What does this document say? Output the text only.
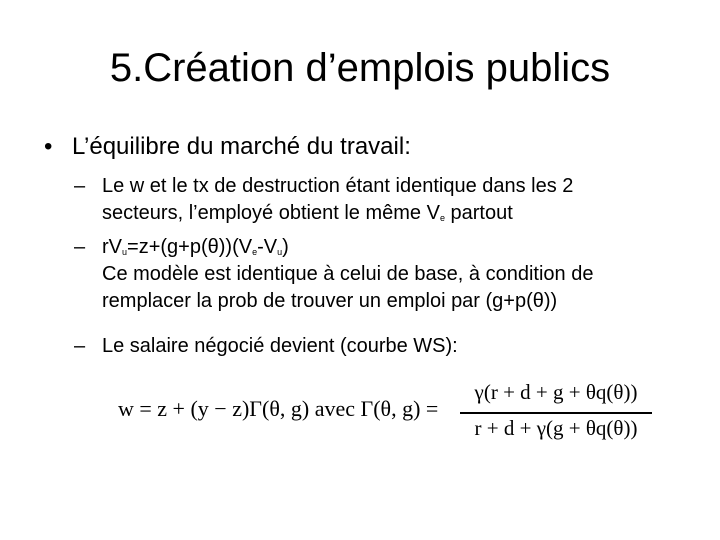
5.Création d’emplois publics
• L’équilibre du marché du travail:
– Le w et le tx de destruction étant identique dans les 2
secteurs, l’employé obtient le même $V_e$ partout
– $rV_u=z+(g+p(\theta))(V_e-V_u)$
Ce modèle est identique à celui de base, à condition de
remplacer la prob de trouver un emploi par (g+p(θ))
– Le salaire négocié devient (courbe WS):
w = z + (y − z)Γ(θ, g) avec Γ(θ, g) =
γ(r + d + g + θq(θ))
r + d + γ(g + θq(θ))
